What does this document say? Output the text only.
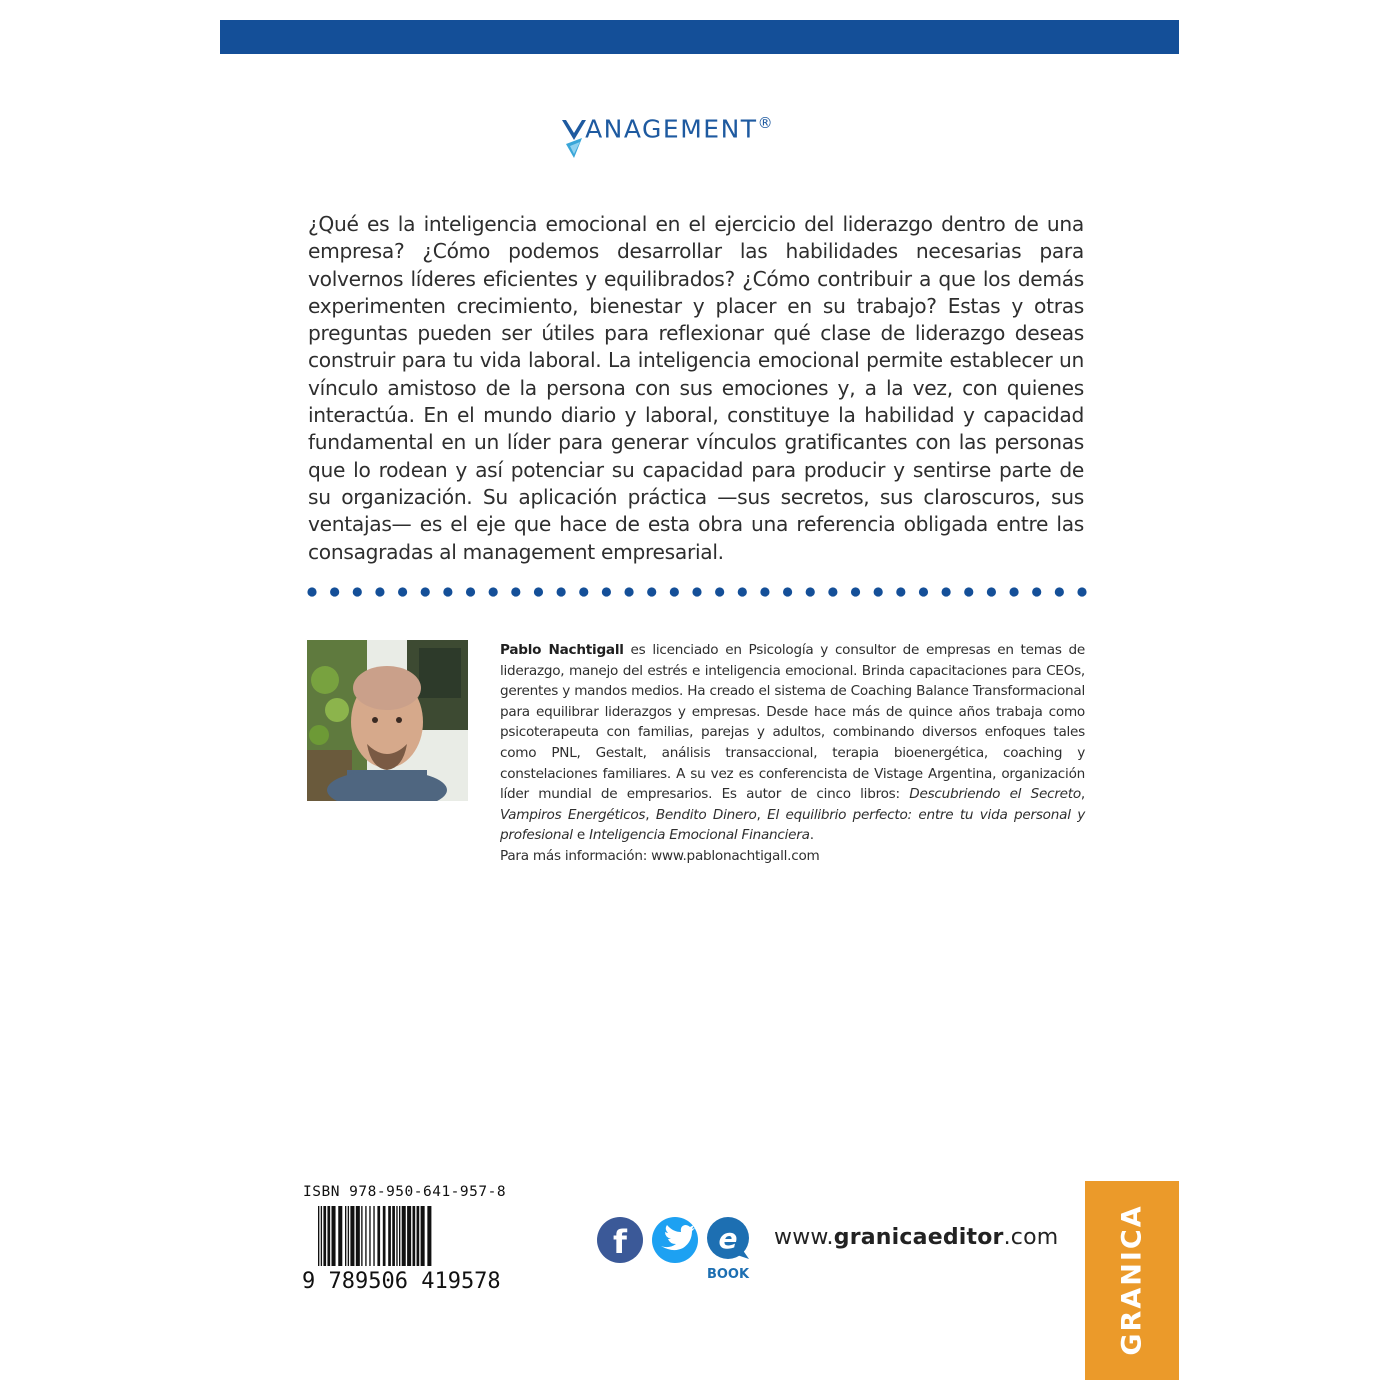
ANAGEMENT®

¿Qué es la inteligencia emocional en el ejercicio del liderazgo dentro de una empresa? ¿Cómo podemos desarrollar las habilidades necesarias para volvernos líderes eficientes y equilibrados? ¿Cómo contribuir a que los demás experimenten crecimiento, bienestar y placer en su trabajo? Estas y otras preguntas pueden ser útiles para reflexionar qué clase de liderazgo deseas construir para tu vida laboral. La inteligencia emocional permite establecer un vínculo amistoso de la persona con sus emociones y, a la vez, con quienes interactúa. En el mundo diario y laboral, constituye la habilidad y capacidad fundamental en un líder para generar vínculos gratificantes con las personas que lo rodean y así potenciar su capacidad para producir y sentirse parte de su organización. Su aplicación práctica —sus secretos, sus claroscuros, sus ventajas— es el eje que hace de esta obra una referencia obligada entre las consagradas al management empresarial.

Pablo Nachtigall es licenciado en Psicología y consultor de empresas en temas de liderazgo, manejo del estrés e inteligencia emocional. Brinda capacitaciones para CEOs, gerentes y mandos medios. Ha creado el sistema de Coaching Balance Transformacional para equilibrar liderazgos y empresas. Desde hace más de quince años trabaja como psicoterapeuta con familias, parejas y adultos, combinando diversos enfoques tales como PNL, Gestalt, análisis transaccional, terapia bioenergética, coaching y constelaciones familiares. A su vez es conferencista de Vistage Argentina, organización líder mundial de empresarios. Es autor de cinco libros: Descubriendo el Secreto, Vampiros Energéticos, Bendito Dinero, El equilibrio perfecto: entre tu vida personal y profesional e Inteligencia Emocional Financiera.
Para más información: www.pablonachtigall.com

ISBN 978-950-641-957-8
9 789506 419578
f	e
BOOK
www.granicaeditor.com GRANICA
